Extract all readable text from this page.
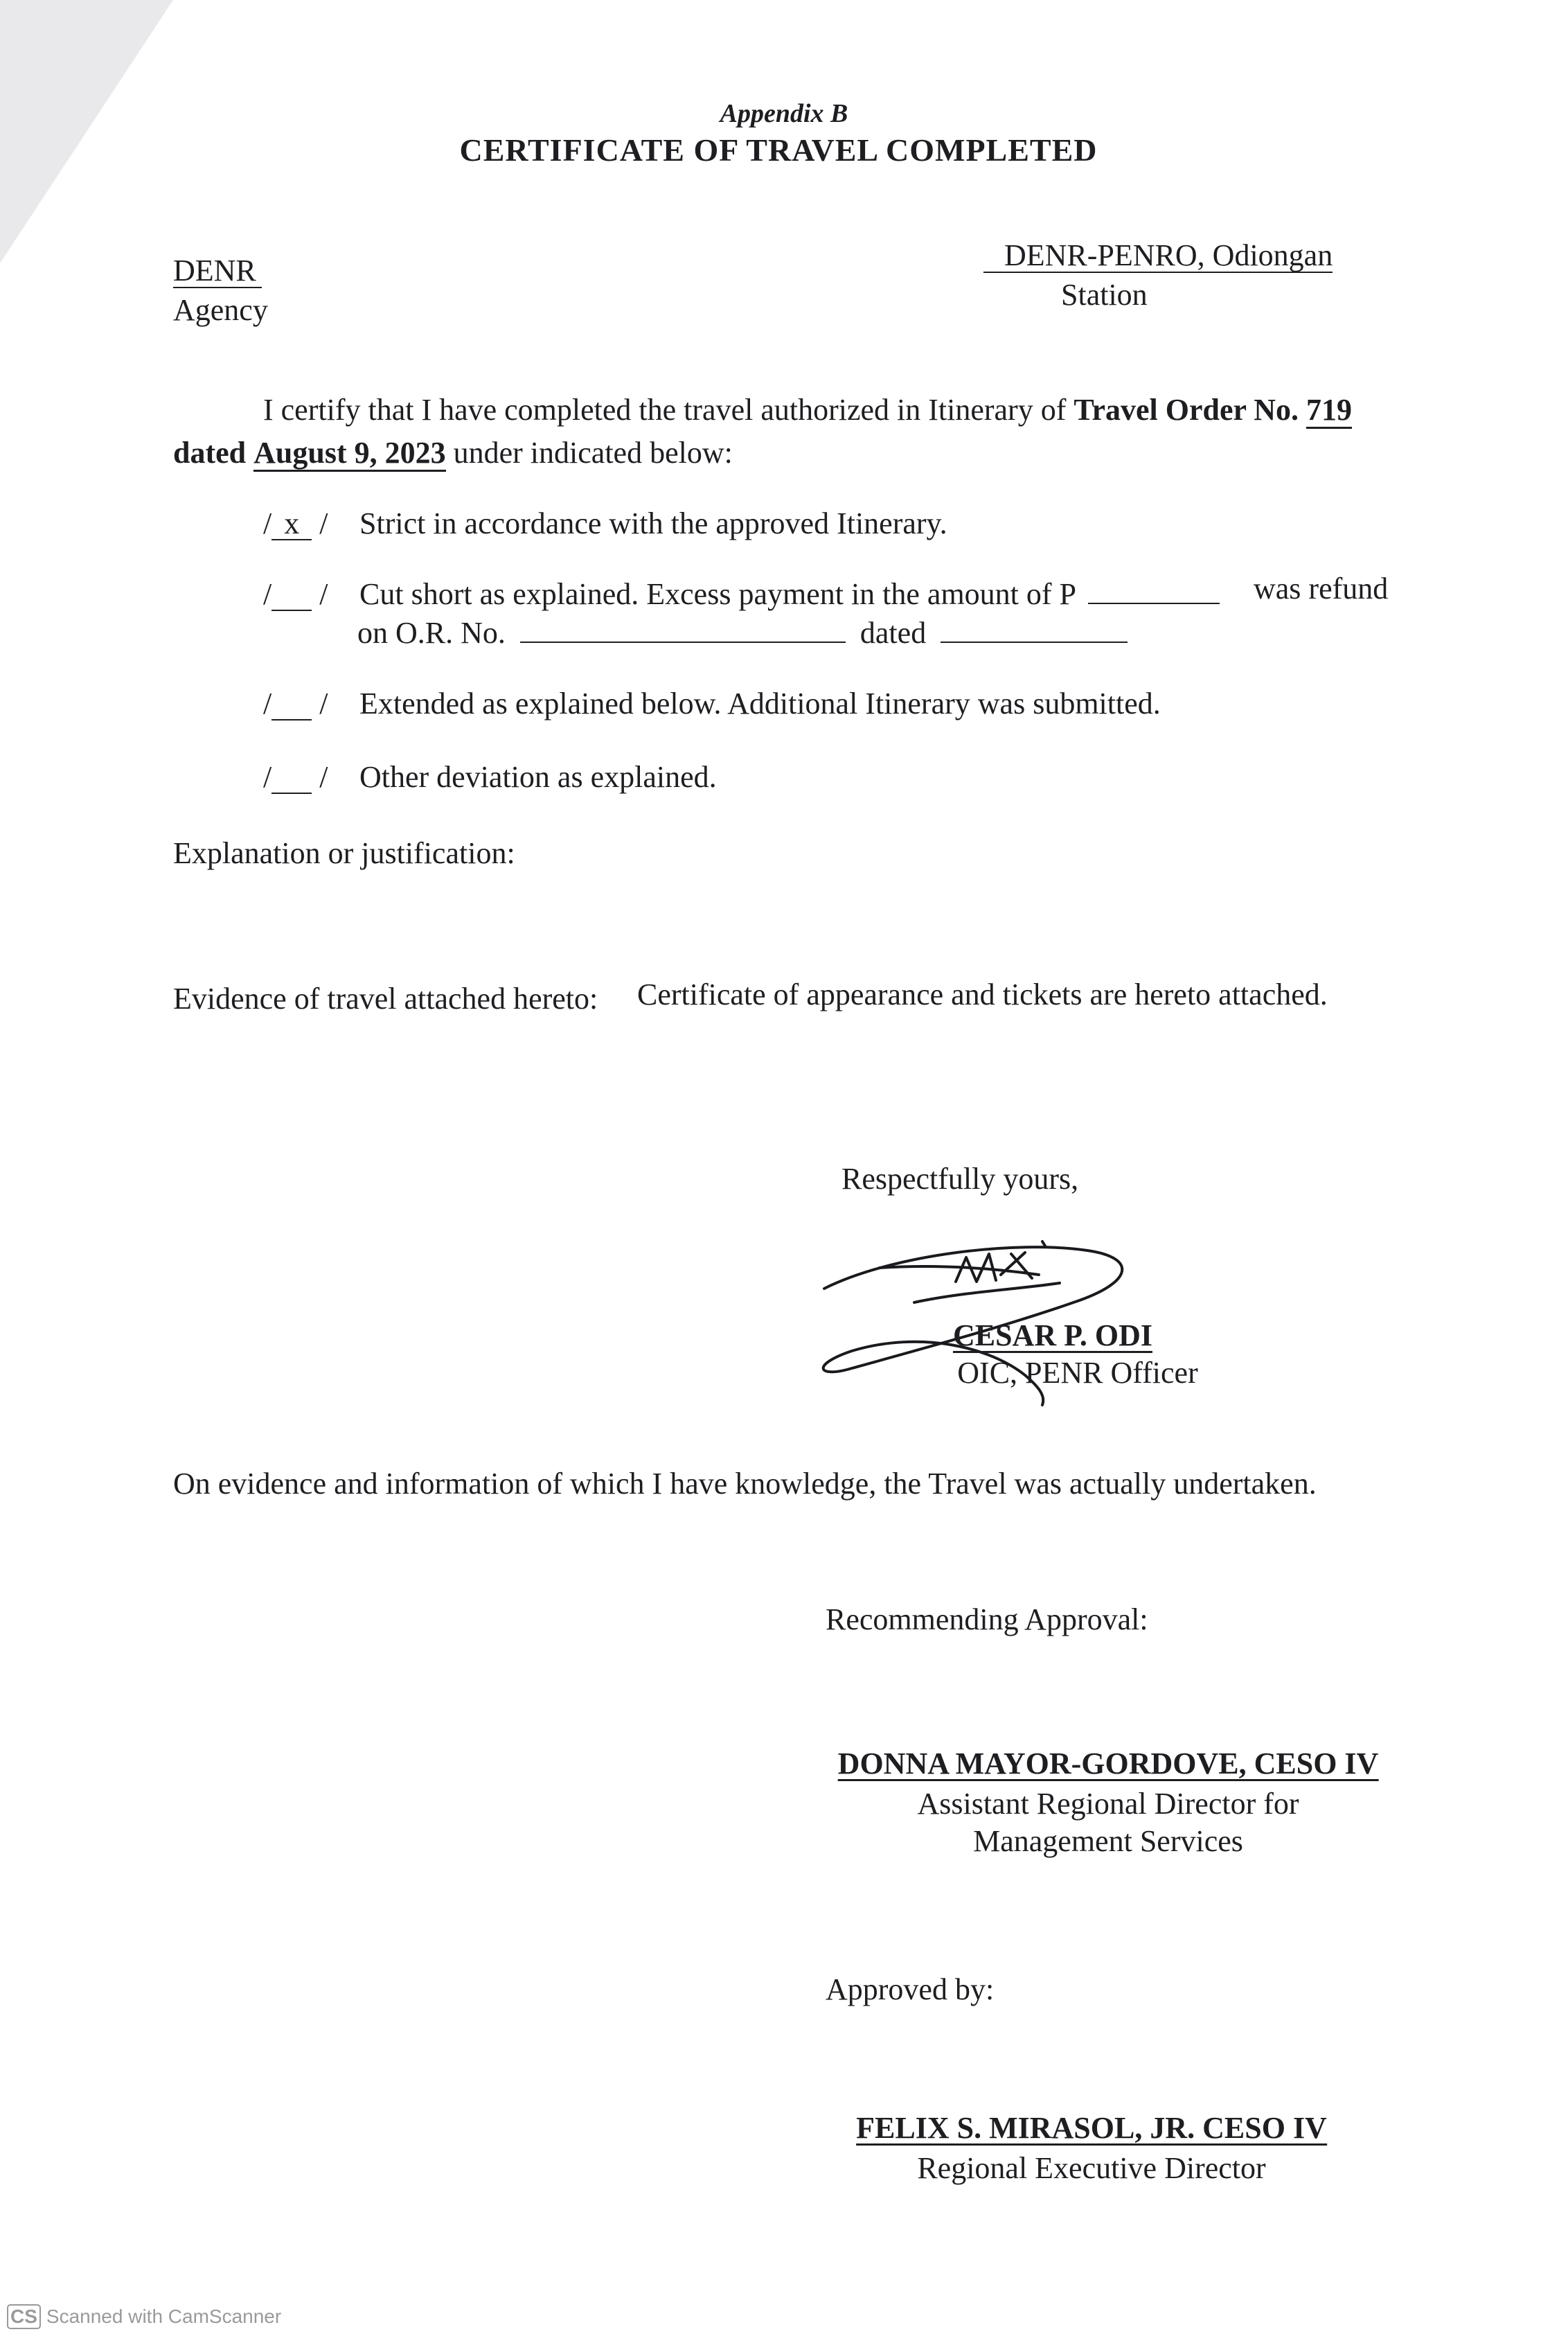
Appendix B
CERTIFICATE OF TRAVEL COMPLETED
DENR
Agency
DENR-PENRO, Odiongan
Station
I certify that I have completed the travel authorized in Itinerary of Travel Order No. 719
dated August 9, 2023 under indicated below:
/ x / Strict in accordance with the approved Itinerary.
/  / Cut short as explained. Excess payment in the amount of P	was refund
on O.R. No.	dated
/  / Extended as explained below. Additional Itinerary was submitted.
/  / Other deviation as explained.
Explanation or justification:
Evidence of travel attached hereto: Certificate of appearance and tickets are hereto attached.
Respectfully yours,
CESAR P. ODI
OIC, PENR Officer
On evidence and information of which I have knowledge, the Travel was actually undertaken.
Recommending Approval:
DONNA MAYOR-GORDOVE, CESO IV
Assistant Regional Director for
Management Services
Approved by:
FELIX S. MIRASOL, JR. CESO IV
Regional Executive Director
CS Scanned with CamScanner
